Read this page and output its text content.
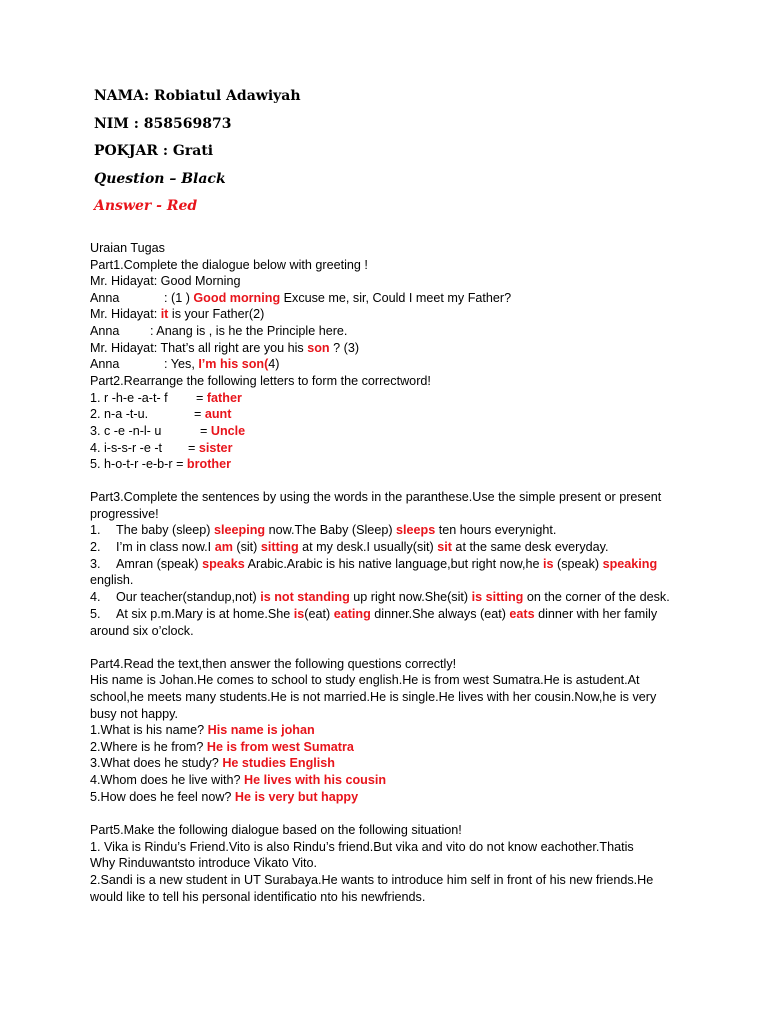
NAMA: Robiatul Adawiyah
NIM : 858569873
POKJAR : Grati
Question – Black
Answer - Red
Uraian Tugas
Part1.Complete the dialogue below with greeting !
Mr. Hidayat: Good Morning
Anna	: (1 ) Good morning Excuse me, sir, Could I meet my Father?
Mr. Hidayat: it is your Father(2)
Anna : Anang is , is he the Principle here.
Mr. Hidayat: That’s all right are you his son ? (3)
Anna	: Yes, I’m his son(4)
Part2.Rearrange the following letters to form the correctword!
1. r -h-e -a-t- f = father
2. n-a -t-u.	= aunt
3. c -e -n-l- u	= Uncle
4. i-s-s-r -e -t = sister
5. h-o-t-r -e-b-r = brother
Part3.Complete the sentences by using the words in the paranthese.Use the simple present or present
progressive!
1. The baby (sleep) sleeping now.The Baby (Sleep) sleeps ten hours everynight.
2. I’m in class now.I am (sit) sitting at my desk.I usually(sit) sit at the same desk everyday.
3. Amran (speak) speaks Arabic.Arabic is his native language,but right now,he is (speak) speaking
english.
4. Our teacher(standup,not) is not standing up right now.She(sit) is sitting on the corner of the desk.
5. At six p.m.Mary is at home.She is(eat) eating dinner.She always (eat) eats dinner with her family
around six o’clock.
Part4.Read the text,then answer the following questions correctly!
His name is Johan.He comes to school to study english.He is from west Sumatra.He is astudent.At
school,he meets many students.He is not married.He is single.He lives with her cousin.Now,he is very
busy not happy.
1.What is his name? His name is johan
2.Where is he from? He is from west Sumatra
3.What does he study? He studies English
4.Whom does he live with? He lives with his cousin
5.How does he feel now? He is very but happy
Part5.Make the following dialogue based on the following situation!
1. Vika is Rindu’s Friend.Vito is also Rindu’s friend.But vika and vito do not know eachother.Thatis
Why Rinduwantsto introduce Vikato Vito.
2.Sandi is a new student in UT Surabaya.He wants to introduce him self in front of his new friends.He
would like to tell his personal identificatio nto his newfriends.
